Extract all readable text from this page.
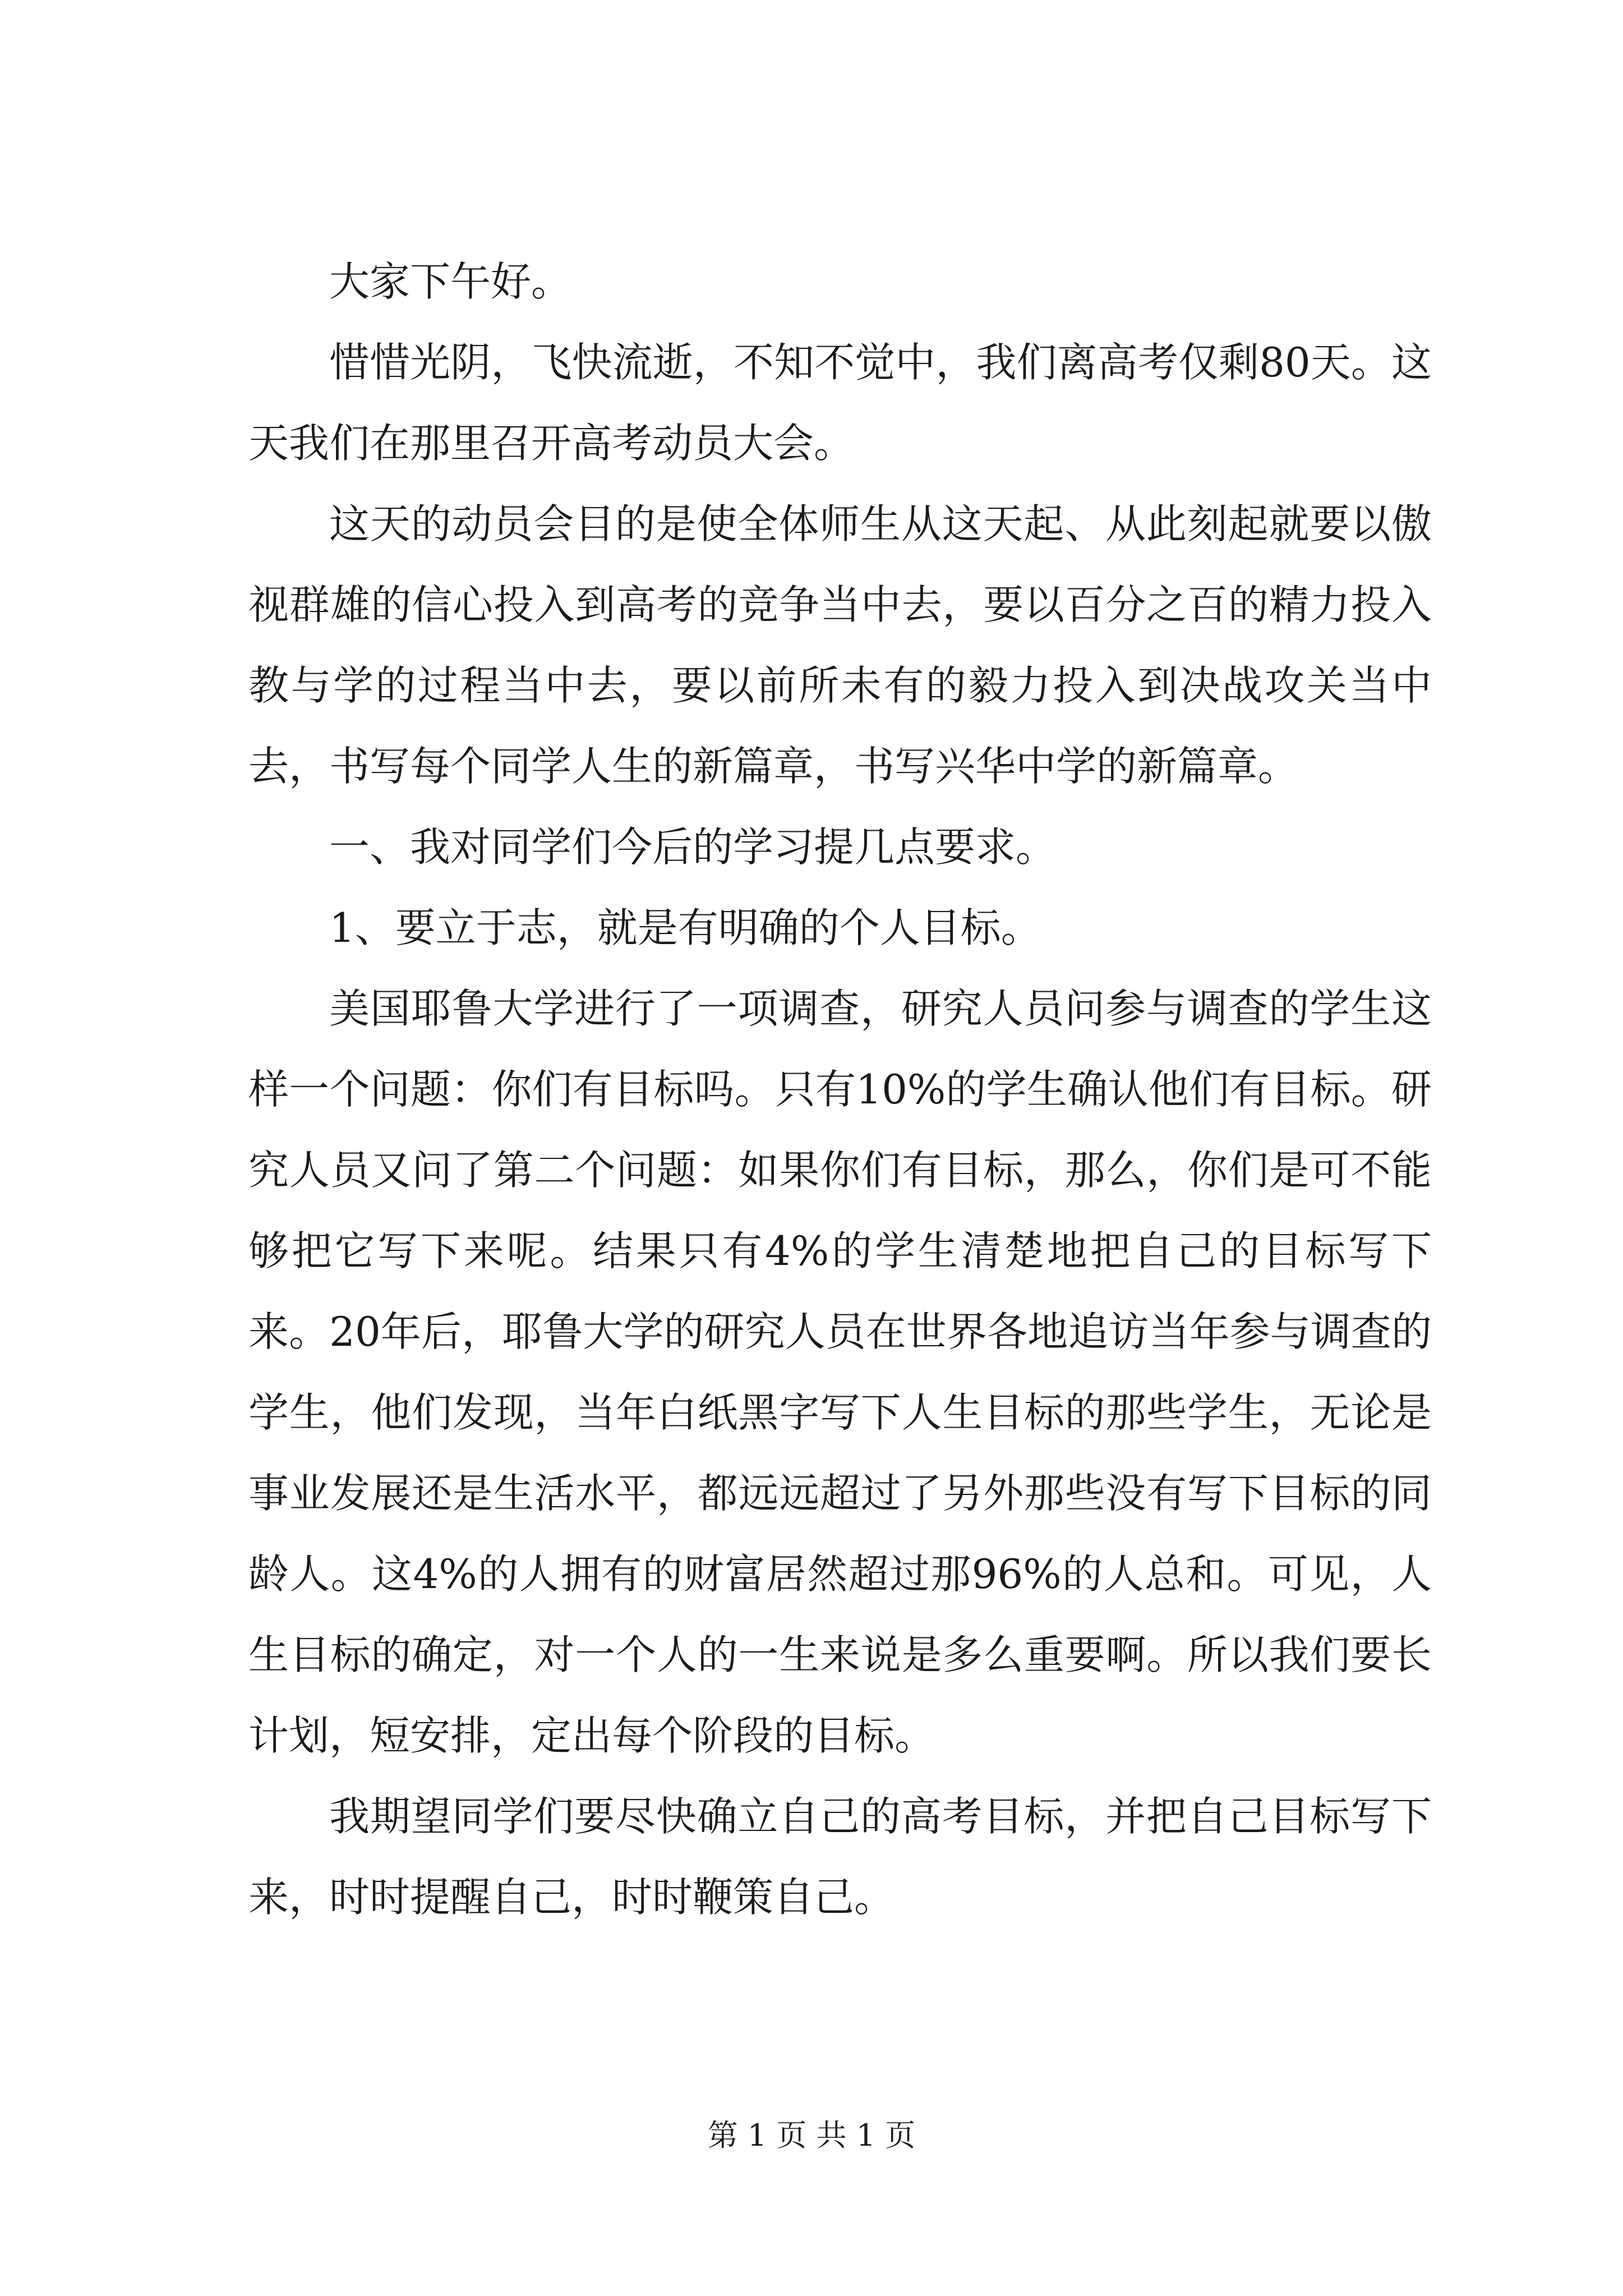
大家下午好。

惜惜光阴，飞快流逝，不知不觉中，我们离高考仅剩80天。这天我们在那里召开高考动员大会。

这天的动员会目的是使全体师生从这天起、从此刻起就要以傲视群雄的信心投入到高考的竞争当中去，要以百分之百的精力投入教与学的过程当中去，要以前所未有的毅力投入到决战攻关当中去，书写每个同学人生的新篇章，书写兴华中学的新篇章。

一、我对同学们今后的学习提几点要求。

1、要立于志，就是有明确的个人目标。

美国耶鲁大学进行了一项调查，研究人员问参与调查的学生这样一个问题：你们有目标吗。只有10%的学生确认他们有目标。研究人员又问了第二个问题：如果你们有目标，那么，你们是可不能够把它写下来呢。结果只有4%的学生清楚地把自己的目标写下来。20年后，耶鲁大学的研究人员在世界各地追访当年参与调查的学生，他们发现，当年白纸黑字写下人生目标的那些学生，无论是事业发展还是生活水平，都远远超过了另外那些没有写下目标的同龄人。这4%的人拥有的财富居然超过那96%的人总和。可见，人生目标的确定，对一个人的一生来说是多么重要啊。所以我们要长计划，短安排，定出每个阶段的目标。

我期望同学们要尽快确立自己的高考目标，并把自己目标写下来，时时提醒自己，时时鞭策自己。

第 1 页 共 1 页
